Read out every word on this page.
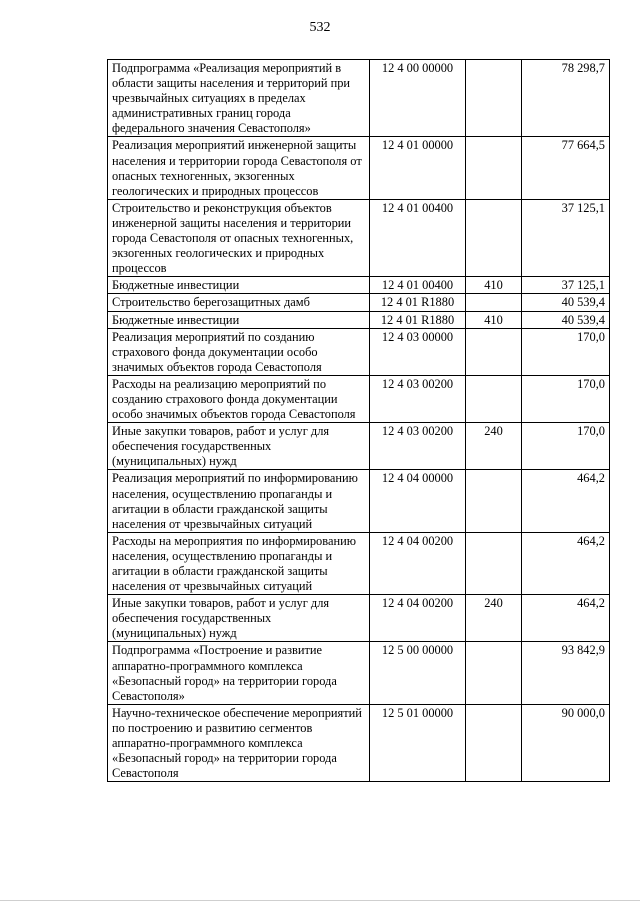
532
Подпрограмма «Реализация мероприятий в области защиты населения и территорий при чрезвычайных ситуациях в пределах административных границ города федерального значения Севастополя»	12 4 00 00000		78 298,7
Реализация мероприятий инженерной защиты населения и территории города Севастополя от опасных техногенных, экзогенных геологических и природных процессов	12 4 01 00000		77 664,5
Строительство и реконструкция объектов инженерной защиты населения и территории города Севастополя от опасных техногенных, экзогенных геологических и природных процессов	12 4 01 00400		37 125,1
Бюджетные инвестиции	12 4 01 00400	410	37 125,1
Строительство берегозащитных дамб	12 4 01 R1880		40 539,4
Бюджетные инвестиции	12 4 01 R1880	410	40 539,4
Реализация мероприятий по созданию страхового фонда документации особо значимых объектов города Севастополя	12 4 03 00000		170,0
Расходы на реализацию мероприятий по созданию страхового фонда документации особо значимых объектов города Севастополя	12 4 03 00200		170,0
Иные закупки товаров, работ и услуг для обеспечения государственных (муниципальных) нужд	12 4 03 00200	240	170,0
Реализация мероприятий по информированию населения, осуществлению пропаганды и агитации в области гражданской защиты населения от чрезвычайных ситуаций	12 4 04 00000		464,2
Расходы на мероприятия по информированию населения, осуществлению пропаганды и агитации в области гражданской защиты населения от чрезвычайных ситуаций	12 4 04 00200		464,2
Иные закупки товаров, работ и услуг для обеспечения государственных (муниципальных) нужд	12 4 04 00200	240	464,2
Подпрограмма «Построение и развитие аппаратно-программного комплекса «Безопасный город» на территории города Севастополя»	12 5 00 00000		93 842,9
Научно-техническое обеспечение мероприятий по построению и развитию сегментов аппаратно-программного комплекса «Безопасный город» на территории города Севастополя	12 5 01 00000		90 000,0
